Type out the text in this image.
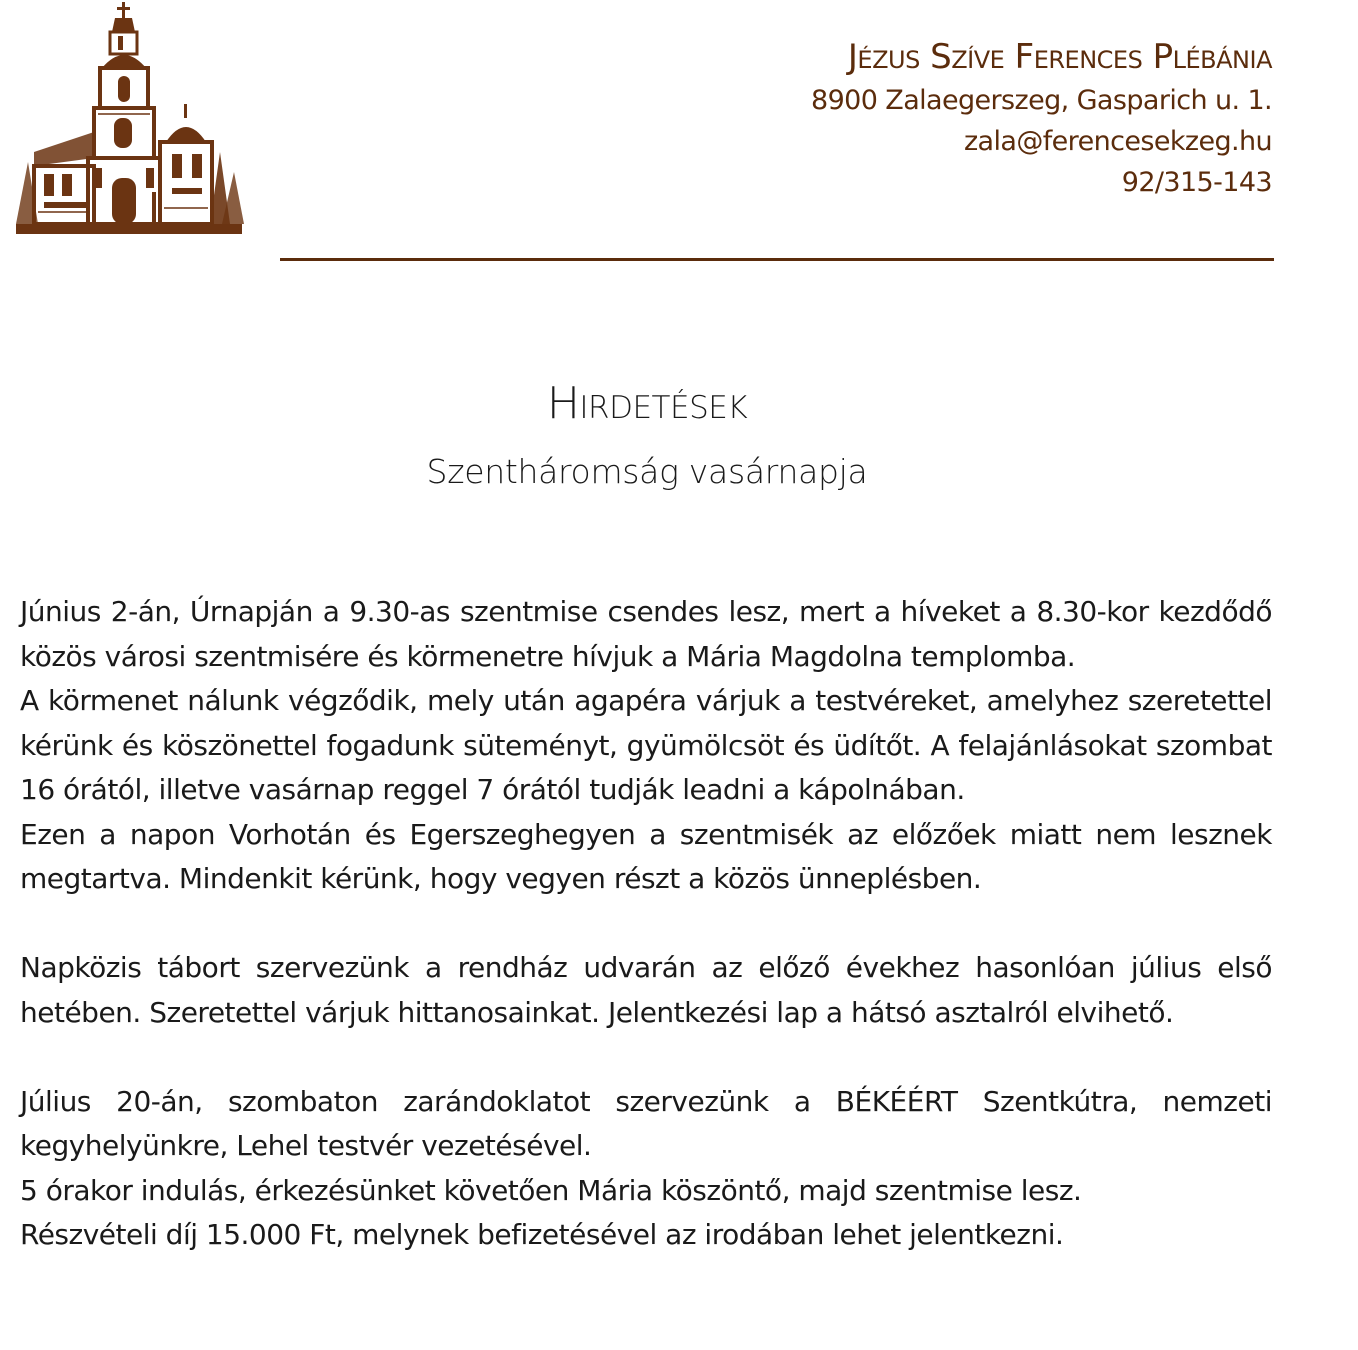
Jézus Szíve Ferences Plébánia
8900 Zalaegerszeg, Gasparich u. 1.
zala@ferencesekzeg.hu
92/315-143
Hirdetések
Szentháromság vasárnapja

Június 2-án, Úrnapján a 9.30-as szentmise csendes lesz, mert a híveket a 8.30-kor kezdődő közös városi szentmisére és körmenetre hívjuk a Mária Magdolna templomba.

A körmenet nálunk végződik, mely után agapéra várjuk a testvéreket, amelyhez szeretettel kérünk és köszönettel fogadunk süteményt, gyümölcsöt és üdítőt. A felajánlásokat szombat 16 órától, illetve vasárnap reggel 7 órától tudják leadni a kápolnában.

Ezen a napon Vorhotán és Egerszeghegyen a szentmisék az előzőek miatt nem lesznek megtartva. Mindenkit kérünk, hogy vegyen részt a közös ünneplésben.

Napközis tábort szervezünk a rendház udvarán az előző évekhez hasonlóan július első hetében. Szeretettel várjuk hittanosainkat. Jelentkezési lap a hátsó asztalról elvihető.

Július 20-án, szombaton zarándoklatot szervezünk a BÉKÉÉRT Szentkútra, nemzeti kegyhelyünkre, Lehel testvér vezetésével.

5 órakor indulás, érkezésünket követően Mária köszöntő, majd szentmise lesz.

Részvételi díj 15.000 Ft, melynek befizetésével az irodában lehet jelentkezni.
